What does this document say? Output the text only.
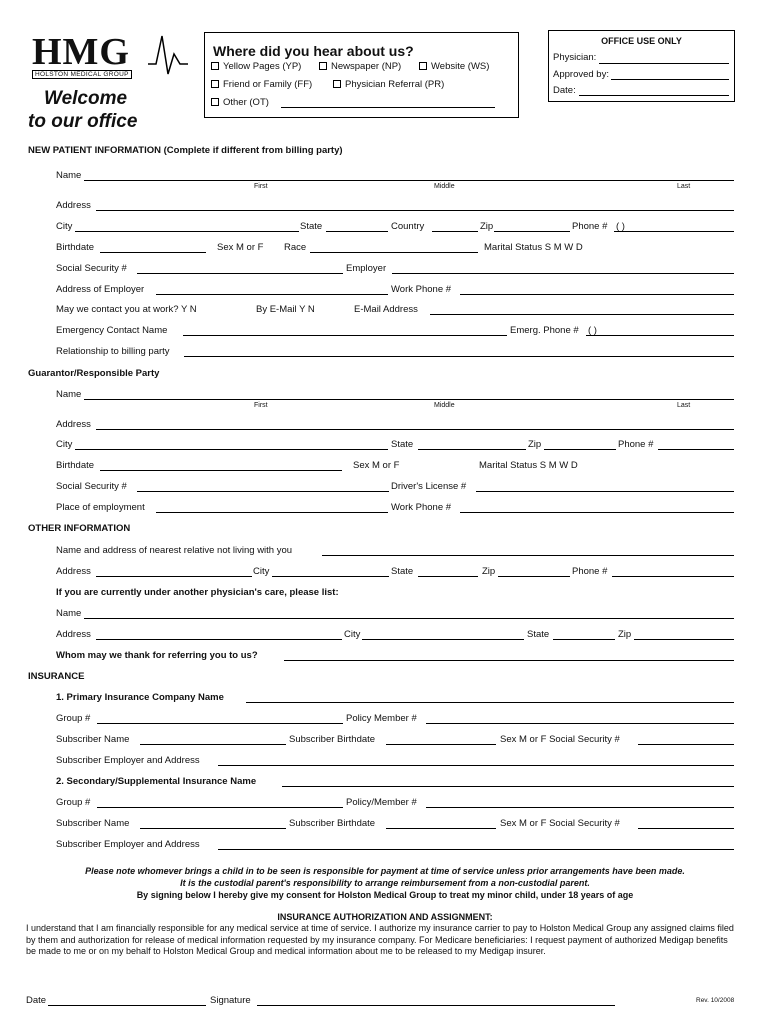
HMG
HOLSTON MEDICAL GROUP
Welcome
to our office
Where did you hear about us?
Yellow Pages (YP)	Newspaper (NP)	Website (WS)
Friend or Family (FF)	Physician Referral (PR)
Other (OT)
OFFICE USE ONLY
Physician:
Approved by:
Date:
NEW PATIENT INFORMATION (Complete if different from billing party)
Name
First	Middle	Last
Address
City	State	Country	Zip	Phone # ( )
Birthdate	Sex M or F Race	Marital Status S M W D
Social Security #	Employer
Address of Employer	Work Phone #
May we contact you at work? Y N	By E-Mail Y N	E-Mail Address
Emergency Contact Name	Emerg. Phone # ( )
Relationship to billing party
Guarantor/Responsible Party
Name
First	Middle	Last
Address
City	State	Zip	Phone #
Birthdate	Sex M or F	Marital Status S M W D
Social Security #	Driver's License #
Place of employment	Work Phone #
OTHER INFORMATION
Name and address of nearest relative not living with you
Address	City	State	Zip	Phone #
If you are currently under another physician's care, please list:
Name
Address	City	State	Zip
Whom may we thank for referring you to us?
INSURANCE
1. Primary Insurance Company Name
Group #	Policy Member #
Subscriber Name	Subscriber Birthdate	Sex M or F Social Security #
Subscriber Employer and Address
2. Secondary/Supplemental Insurance Name
Group #	Policy/Member #
Subscriber Name	Subscriber Birthdate	Sex M or F Social Security #
Subscriber Employer and Address
Please note whomever brings a child in to be seen is responsible for payment at time of service unless prior arrangements have been made.
It is the custodial parent's responsibility to arrange reimbursement from a non-custodial parent.
By signing below I hereby give my consent for Holston Medical Group to treat my minor child, under 18 years of age
INSURANCE AUTHORIZATION AND ASSIGNMENT:
I understand that I am financially responsible for any medical service at time of service. I authorize my insurance carrier to pay to Holston Medical Group any assigned claims filed by them and authorization for release of medical information requested by my insurance company. For Medicare beneficiaries: I request payment of authorized Medigap benefits be made to me or on my behalf to Holston Medical Group and medical information about me to be released to my Medigap insurer.
Date	Signature	Rev. 10/2008
